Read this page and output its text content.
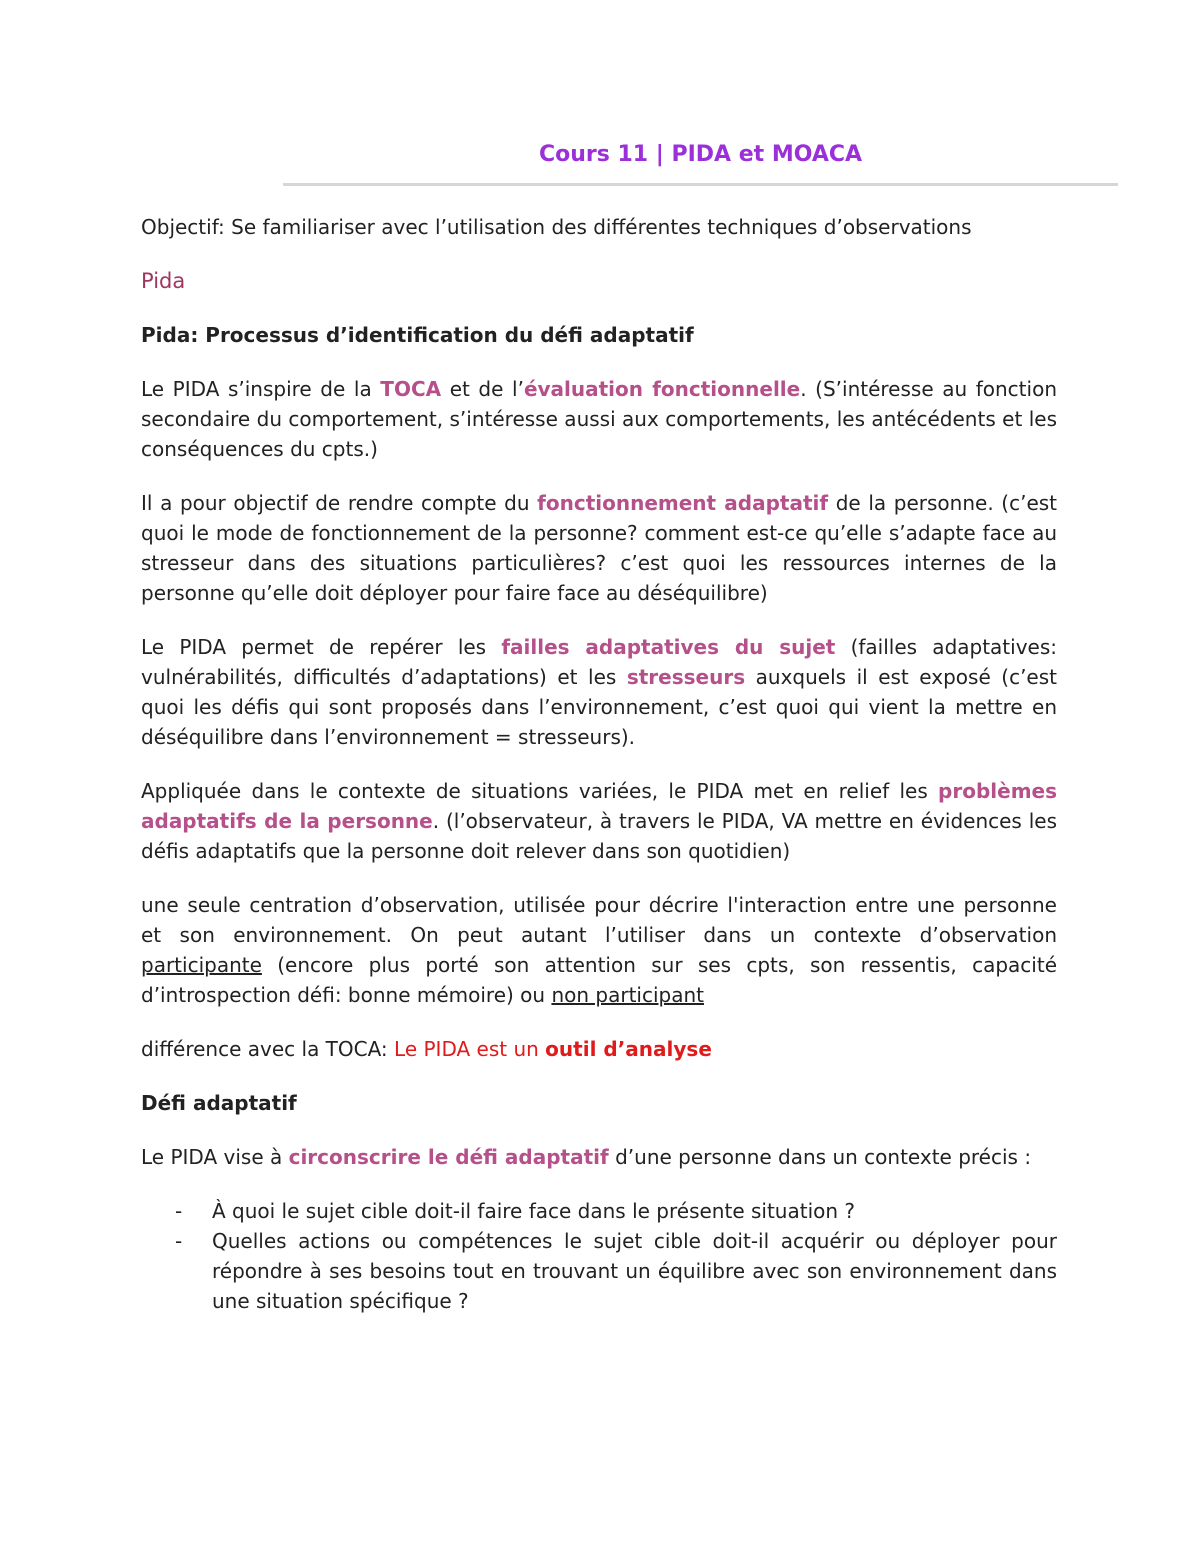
Cours 11 | PIDA et MOACA

Objectif: Se familiariser avec l’utilisation des différentes techniques d’observations

Pida

Pida: Processus d’identification du défi adaptatif

Le PIDA s’inspire de la TOCA et de l’évaluation fonctionnelle. (S’intéresse au fonction secondaire du comportement, s’intéresse aussi aux comportements, les antécédents et les conséquences du cpts.)

Il a pour objectif de rendre compte du fonctionnement adaptatif de la personne. (c’est quoi le mode de fonctionnement de la personne? comment est-ce qu’elle s’adapte face au stresseur dans des situations particulières? c’est quoi les ressources internes de la personne qu’elle doit déployer pour faire face au déséquilibre)

Le PIDA permet de repérer les failles adaptatives du sujet (failles adaptatives: vulnérabilités, difficultés d’adaptations) et les stresseurs auxquels il est exposé (c’est quoi les défis qui sont proposés dans l’environnement, c’est quoi qui vient la mettre en déséquilibre dans l’environnement = stresseurs).

Appliquée dans le contexte de situations variées, le PIDA met en relief les problèmes adaptatifs de la personne. (l’observateur, à travers le PIDA, VA mettre en évidences les défis adaptatifs que la personne doit relever dans son quotidien)

une seule centration d’observation, utilisée pour décrire l'interaction entre une personne et son environnement. On peut autant l’utiliser dans un contexte d’observation participante (encore plus porté son attention sur ses cpts, son ressentis, capacité d’introspection défi: bonne mémoire) ou non participant

différence avec la TOCA: Le PIDA est un outil d’analyse

Défi adaptatif

Le PIDA vise à circonscrire le défi adaptatif d’une personne dans un contexte précis :

- À quoi le sujet cible doit-il faire face dans le présente situation ?
- Quelles actions ou compétences le sujet cible doit-il acquérir ou déployer pour répondre à ses besoins tout en trouvant un équilibre avec son environnement dans une situation spécifique ?
